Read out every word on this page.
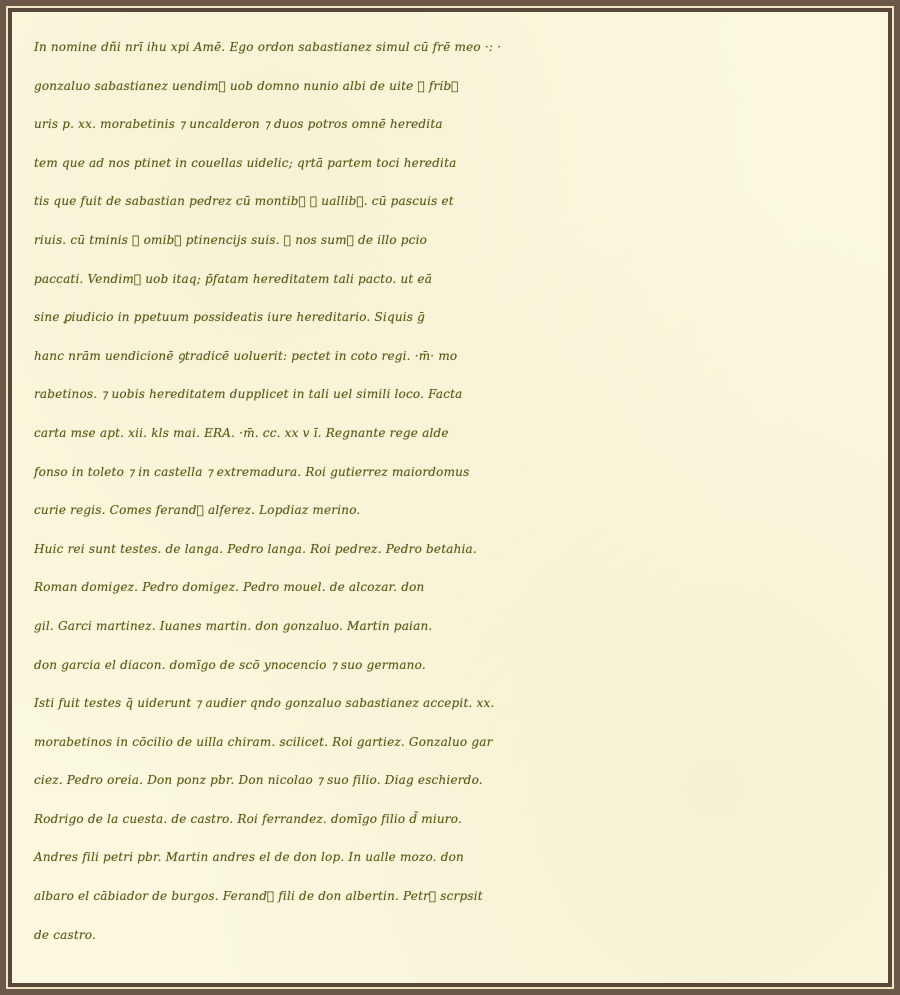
In nomine dñi nrī ihu xpi Amē. Ego ordon sabastianez simul cū frē meo ·: ·
gonzaluo sabastianez uendim᷒ uob domno nunio albi de uite ⁊ frib᷒
uris p. xx. morabetinis ⁊ uncalderon ⁊ duos potros omnē heredita
tem que ad nos ptinet in couellas uidelic; qrtā partem toci heredita
tis que fuit de sabastian pedrez cū montib᷒ ⁊ uallib᷒. cū pascuis et
riuis. cū tminis ⁊ omib᷒ ptinencijs suis. ⁊ nos sum᷒ de illo pcio
paccati. Vendim᷒ uob itaq; p̄fatam hereditatem tali pacto. ut eā
sine ꝑiudicio in ppetuum possideatis iure hereditario. Siquis ḡ
hanc nrām uendicionē ꝯtradicē uoluerit: pectet in coto regi. ·m̄· mo
rabetinos. ⁊ uobis hereditatem dupplicet in tali uel simili loco. Facta
carta mse apt. xii. kls mai. ERA. ·m̄. cc. xx v ī. Regnante rege alde
fonso in toleto ⁊ in castella ⁊ extremadura. Roi gutierrez maiordomus
curie regis. Comes ferand᷒ alferez. Lopdiaz merino.
Huic rei sunt testes. de langa. Pedro langa. Roi pedrez. Pedro betahia.
Roman domigez. Pedro domigez. Pedro mouel. de alcozar. don
gil. Garci martinez. Iuanes martin. don gonzaluo. Martin paian.
don garcia el diacon. domīgo de scō ynocencio ⁊ suo germano.
Isti fuit testes q̄ uiderunt ⁊ audier qndo gonzaluo sabastianez accepit. xx.
morabetinos in cōcilio de uilla chiram. scilicet. Roi gartiez. Gonzaluo gar
ciez. Pedro oreia. Don ponz pbr. Don nicolao ⁊ suo filio. Diag eschierdo.
Rodrigo de la cuesta. de castro. Roi ferrandez. domīgo filio d̄ miuro.
Andres fili petri pbr. Martin andres el de don lop. In ualle mozo. don
albaro el cābiador de burgos. Ferand᷒ fili de don albertin. Petr᷒ scrpsit
de castro.
